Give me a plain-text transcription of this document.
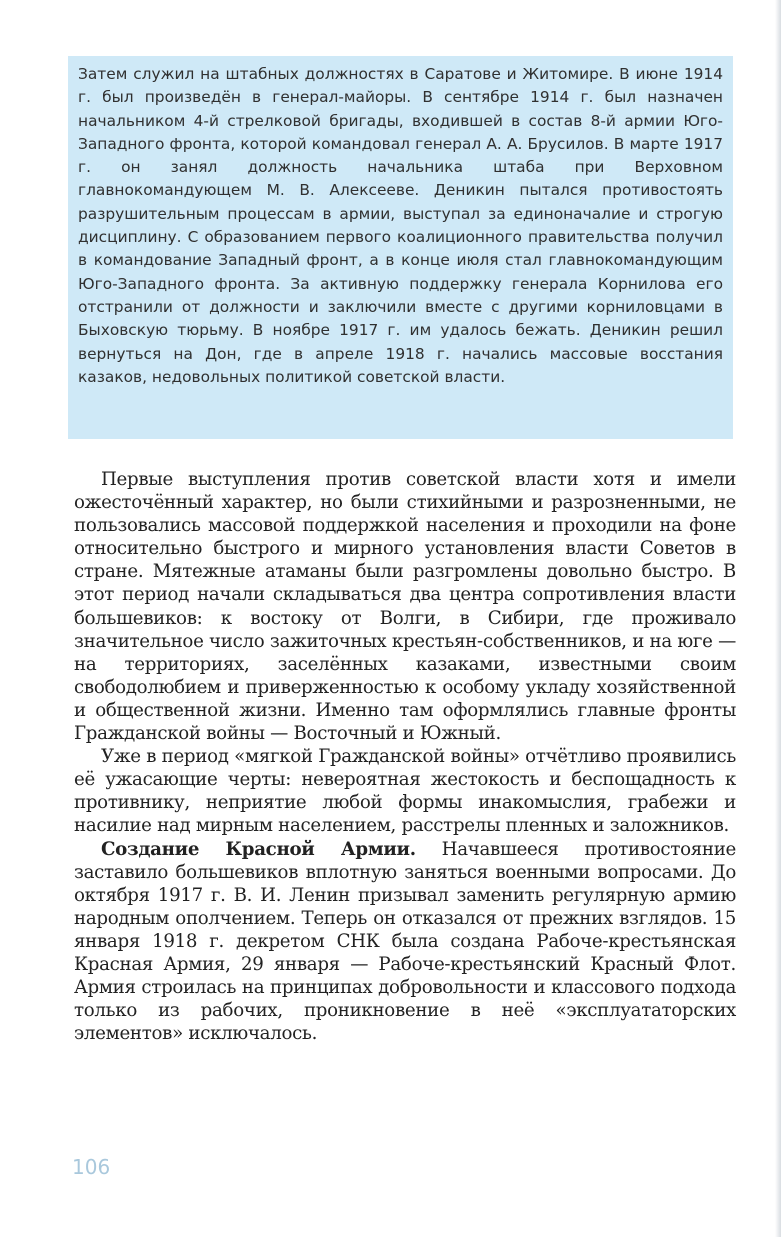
Затем служил на штабных должностях в Саратове и Житомире. В июне 1914 г. был произведён в генерал-майоры. В сентябре 1914 г. был назначен начальником 4-й стрелковой бригады, входившей в состав 8-й армии Юго-Западного фронта, которой командовал генерал А. А. Брусилов. В марте 1917 г. он занял должность начальника штаба при Верховном главнокомандующем М. В. Алексееве. Деникин пытался противостоять разрушительным процессам в армии, выступал за единоначалие и строгую дисциплину. С образованием первого коалиционного правительства получил в командование Западный фронт, а в конце июля стал главнокомандующим Юго-Западного фронта. За активную поддержку генерала Корнилова его отстранили от должности и заключили вместе с другими корниловцами в Быховскую тюрьму. В ноябре 1917 г. им удалось бежать. Деникин решил вернуться на Дон, где в апреле 1918 г. начались массовые восстания казаков, недовольных политикой советской власти.

Первые выступления против советской власти хотя и имели ожесточённый характер, но были стихийными и разрозненными, не пользовались массовой поддержкой населения и проходили на фоне относительно быстрого и мирного установления власти Советов в стране. Мятежные атаманы были разгромлены довольно быстро. В этот период начали складываться два центра сопротивления власти большевиков: к востоку от Волги, в Сибири, где проживало значительное число зажиточных крестьян-собственников, и на юге — на территориях, заселённых казаками, известными своим свободолюбием и приверженностью к особому укладу хозяйственной и общественной жизни. Именно там оформлялись главные фронты Гражданской войны — Восточный и Южный.

Уже в период «мягкой Гражданской войны» отчётливо проявились её ужасающие черты: невероятная жестокость и беспощадность к противнику, неприятие любой формы инакомыслия, грабежи и насилие над мирным населением, расстрелы пленных и заложников.

Создание Красной Армии. Начавшееся противостояние заставило большевиков вплотную заняться военными вопросами. До октября 1917 г. В. И. Ленин призывал заменить регулярную армию народным ополчением. Теперь он отказался от прежних взглядов. 15 января 1918 г. декретом СНК была создана Рабоче-крестьянская Красная Армия, 29 января — Рабоче-крестьянский Красный Флот. Армия строилась на принципах добровольности и классового подхода только из рабочих, проникновение в неё «эксплуататорских элементов» исключалось.

106
